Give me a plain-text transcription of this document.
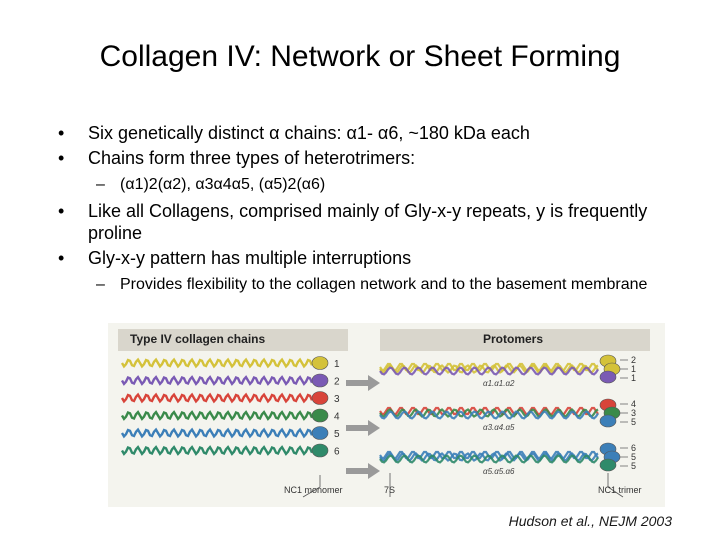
Collagen IV: Network or Sheet Forming
• Six genetically distinct α chains: α1- α6, ~180 kDa each
• Chains form three types of heterotrimers:
– (α1)2(α2), α3α4α5, (α5)2(α6)
• Like all Collagens, comprised mainly of Gly-x-y repeats, y is frequently proline
• Gly-x-y pattern has multiple interruptions
– Provides flexibility to the collagen network and to the basement membrane
Type IV collagen chains	Protomers
1
2
3
4
5
6
α1.α1.α2
2
1
1
α3.α4.α5
4
3
5
α5.α5.α6
6
5
5
NC1 monomer	7S	NC1 trimer
Hudson et al., NEJM 2003
